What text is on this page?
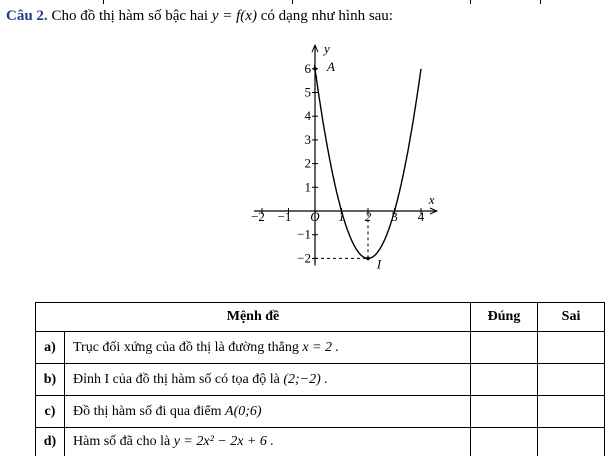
Câu 2. Cho đồ thị hàm số bậc hai y = f(x) có dạng như hình sau:
−2 −1	1 2 3 4
6
5
4
3
2
1
−1
−2
A
I
y
x
O
Mệnh đề		Đúng	Sai
a)	Trục đối xứng của đồ thị là đường thẳng x = 2 .		
b)	Đỉnh I của đồ thị hàm số có tọa độ là (2;−2) .		
c)	Đồ thị hàm số đi qua điểm A(0;6)		
d)	Hàm số đã cho là y = 2x² − 2x + 6 .		
